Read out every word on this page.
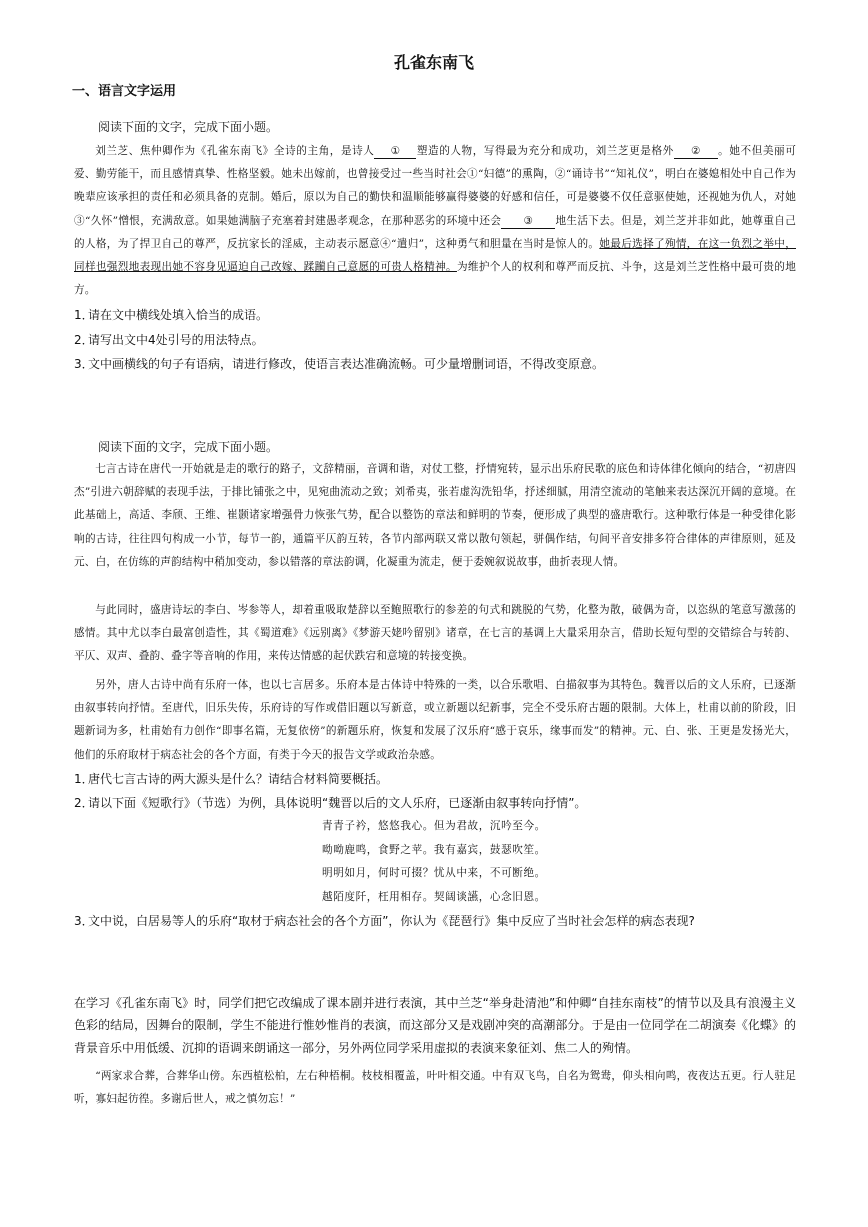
孔雀东南飞
一、语言文字运用
阅读下面的文字，完成下面小题。
刘兰芝、焦仲卿作为《孔雀东南飞》全诗的主角，是诗人 ① 塑造的人物，写得最为充分和成功，刘兰芝更是格外 ② 。她不但美丽可爱、勤劳能干，而且感情真挚、性格坚毅。她未出嫁前，也曾接受过一些当时社会①“妇德”的熏陶，②“诵诗书”“知礼仪”，明白在婆媳相处中自己作为晚辈应该承担的责任和必须具备的克制。婚后，原以为自己的勤快和温顺能够赢得婆婆的好感和信任，可是婆婆不仅任意驱使她，还视她为仇人，对她③“久怀”憎恨，充满敌意。如果她满脑子充塞着封建愚孝观念，在那种恶劣的环境中还会 ③ 地生活下去。但是，刘兰芝并非如此，她尊重自己的人格，为了捍卫自己的尊严，反抗家长的淫威，主动表示愿意④“遣归”，这种勇气和胆量在当时是惊人的。她最后选择了殉情，在这一负烈之举中，同样也强烈地表现出她不容身见逼迫自己改嫁、蹂躏自己意愿的可贵人格精神。为维护个人的权利和尊严而反抗、斗争，这是刘兰芝性格中最可贵的地方。
1．请在文中横线处填入恰当的成语。
2．请写出文中4处引号的用法特点。
3．文中画横线的句子有语病，请进行修改，使语言表达准确流畅。可少量增删词语，不得改变原意。
阅读下面的文字，完成下面小题。
七言古诗在唐代一开始就是走的歌行的路子，文辞精丽，音调和谐，对仗工整，抒情宛转，显示出乐府民歌的底色和诗体律化倾向的结合，“初唐四杰”引进六朝辞赋的表现手法，于排比铺张之中，见宛曲流动之致；刘希夷，张若虚沟洗铅华，抒述细腻，用清空流动的笔触来表达深沉开阔的意境。在此基础上，高适、李颀、王维、崔颢诸家增强骨力恢张气势，配合以整饬的章法和鲜明的节奏，便形成了典型的盛唐歌行。这种歌行体是一种受律化影响的古诗，往往四句构成一小节，每节一韵，通篇平仄韵互转，各节内部两联又常以散句领起，骈偶作结，句间平音安排多符合律体的声律原则，延及元、白，在仿练的声韵结构中稍加变动，参以错落的章法韵调，化凝重为流走，便于委婉叙说故事，曲折表现人情。
与此同时，盛唐诗坛的李白、岑参等人，却着重吸取楚辞以至鲍照歌行的参差的句式和跳脱的气势，化整为散，破偶为奇，以恣纵的笔意写激荡的感情。其中尤以李白最富创造性，其《蜀道难》《远别离》《梦游天姥吟留别》诸章，在七言的基调上大量采用杂言，借助长短句型的交错综合与转韵、平仄、双声、叠韵、叠字等音响的作用，来传达情感的起伏跌宕和意境的转接变换。
另外，唐人古诗中尚有乐府一体，也以七言居多。乐府本是古体诗中特殊的一类，以合乐歌唱、白描叙事为其特色。魏晋以后的文人乐府，已逐渐由叙事转向抒情。至唐代，旧乐失传，乐府诗的写作或借旧题以写新意，或立新题以纪新事，完全不受乐府古题的限制。大体上，杜甫以前的阶段，旧题新词为多，杜甫始有力创作“即事名篇，无复依傍”的新题乐府，恢复和发展了汉乐府“感于哀乐，缘事而发”的精神。元、白、张、王更是发扬光大，他们的乐府取材于病态社会的各个方面，有类于今天的报告文学或政治杂感。
1．唐代七言古诗的两大源头是什么？请结合材料简要概括。
2．请以下面《短歌行》（节选）为例，具体说明“魏晋以后的文人乐府，已逐渐由叙事转向抒情”。
青青子衿，悠悠我心。但为君故，沉吟至今。
呦呦鹿鸣，食野之苹。我有嘉宾，鼓瑟吹笙。
明明如月，何时可掇？忧从中来，不可断绝。
越陌度阡，枉用相存。契阔谈讌，心念旧恩。
3．文中说，白居易等人的乐府“取材于病态社会的各个方面”，你认为《琵琶行》集中反应了当时社会怎样的病态表现?
在学习《孔雀东南飞》时，同学们把它改编成了课本剧并进行表演，其中兰芝“举身赴清池”和仲卿“自挂东南枝”的情节以及具有浪漫主义色彩的结局，因舞台的限制，学生不能进行惟妙惟肖的表演，而这部分又是戏剧冲突的高潮部分。于是由一位同学在二胡演奏《化蝶》的背景音乐中用低缓、沉抑的语调来朗诵这一部分，另外两位同学采用虚拟的表演来象征刘、焦二人的殉情。
“两家求合葬，合葬华山傍。东西植松柏，左右种梧桐。枝枝相覆盖，叶叶相交通。中有双飞鸟，自名为鸳鸯，仰头相向鸣，夜夜达五更。行人驻足听，寡妇起彷徨。多谢后世人，戒之慎勿忘！”
